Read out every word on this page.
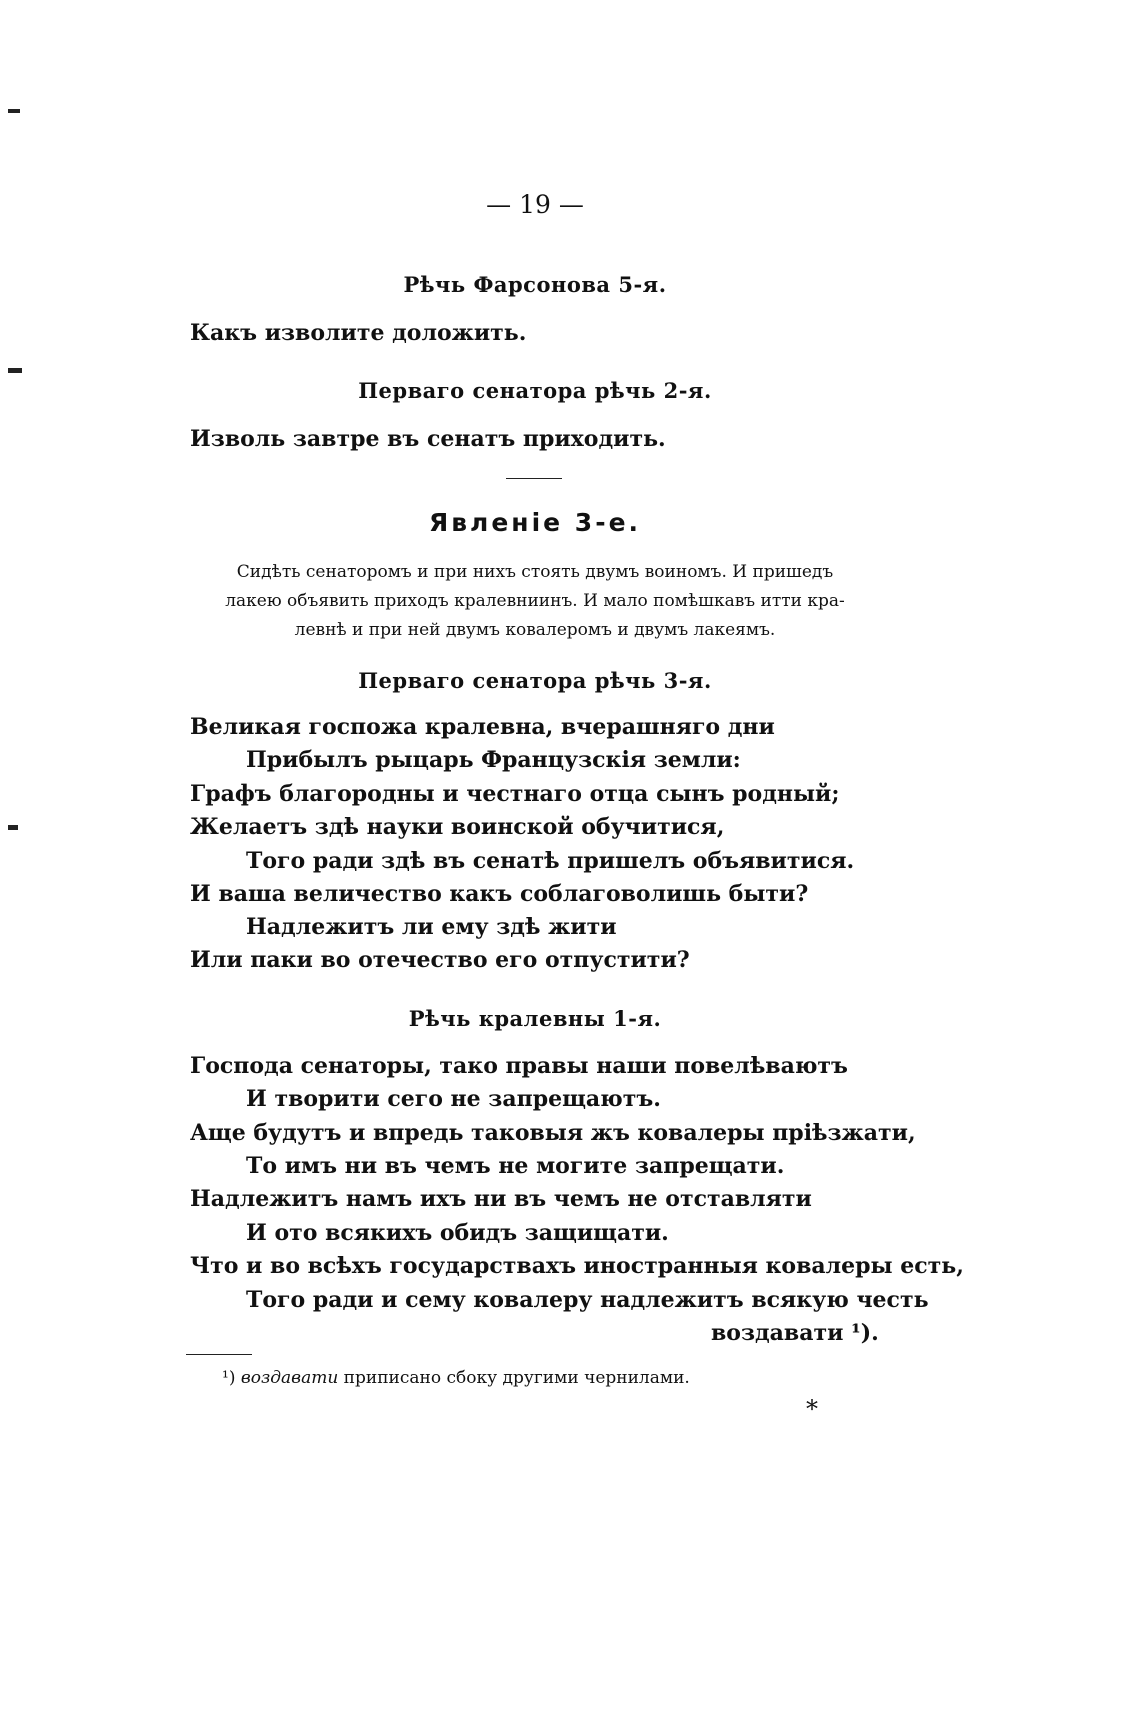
— 19 —
Рѣчь Фарсонова 5-я.
Какъ изволите доложить.
Перваго сенатора рѣчь 2-я.
Изволь завтре въ сенатъ приходить.
Явленіе 3-е.
Сидѣть сенаторомъ и при нихъ стоять двумъ воиномъ. И пришедъ
лакею объявить приходъ кралевниинъ. И мало помѣшкавъ итти кра-
левнѣ и при ней двумъ ковалеромъ и двумъ лакеямъ.
Перваго сенатора рѣчь 3-я.
Великая госпожа кралевна, вчерашняго дни
Прибылъ рыцарь Французскія земли:
Графъ благородны и честнаго отца сынъ родный;
Желаетъ здѣ науки воинской обучитися,
Того ради здѣ въ сенатѣ пришелъ объявитися.
И ваша величество какъ соблаговолишь быти?
Надлежитъ ли ему здѣ жити
Или паки во отечество его отпустити?
Рѣчь кралевны 1-я.
Господа сенаторы, тако правы наши повелѣваютъ
И творити сего не запрещаютъ.
Аще будутъ и впредь таковыя жъ ковалеры пріѣзжати,
То имъ ни въ чемъ не могите запрещати.
Надлежитъ намъ ихъ ни въ чемъ не отставляти
И ото всякихъ обидъ защищати.
Что и во всѣхъ государствахъ иностранныя ковалеры есть,
Того ради и сему ковалеру надлежитъ всякую честь
воздавати ¹).
¹) воздавати приписано сбоку другими чернилами.
*
